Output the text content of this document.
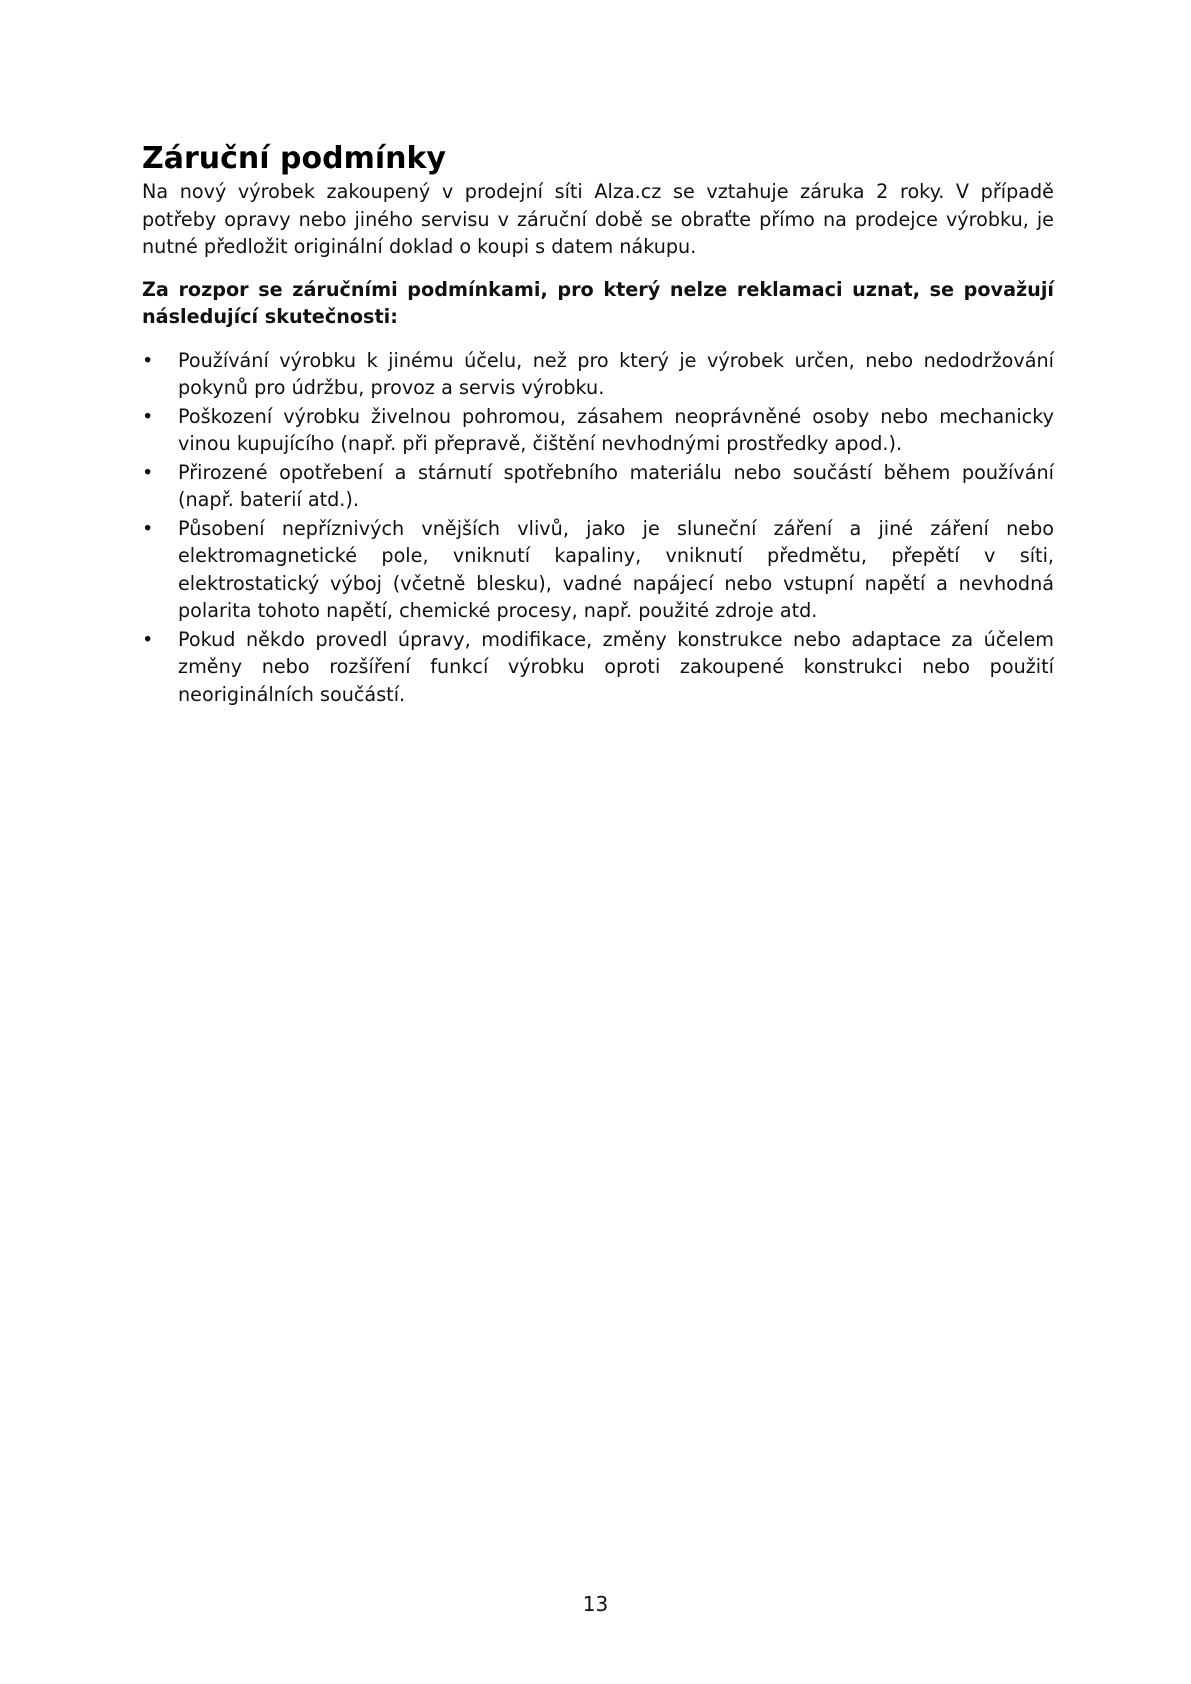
Záruční podmínky

Na nový výrobek zakoupený v prodejní síti Alza.cz se vztahuje záruka 2 roky. V případě potřeby opravy nebo jiného servisu v záruční době se obraťte přímo na prodejce výrobku, je nutné předložit originální doklad o koupi s datem nákupu.

Za rozpor se záručními podmínkami, pro který nelze reklamaci uznat, se považují následující skutečnosti:

•	Používání výrobku k jinému účelu, než pro který je výrobek určen, nebo nedodržování pokynů pro údržbu, provoz a servis výrobku.
•	Poškození výrobku živelnou pohromou, zásahem neoprávněné osoby nebo mechanicky vinou kupujícího (např. při přepravě, čištění nevhodnými prostředky apod.).
•	Přirozené opotřebení a stárnutí spotřebního materiálu nebo součástí během používání (např. baterií atd.).
•	Působení nepříznivých vnějších vlivů, jako je sluneční záření a jiné záření nebo elektromagnetické pole, vniknutí kapaliny, vniknutí předmětu, přepětí v síti, elektrostatický výboj (včetně blesku), vadné napájecí nebo vstupní napětí a nevhodná polarita tohoto napětí, chemické procesy, např. použité zdroje atd.
•	Pokud někdo provedl úpravy, modifikace, změny konstrukce nebo adaptace za účelem změny nebo rozšíření funkcí výrobku oproti zakoupené konstrukci nebo použití neoriginálních součástí.
13
